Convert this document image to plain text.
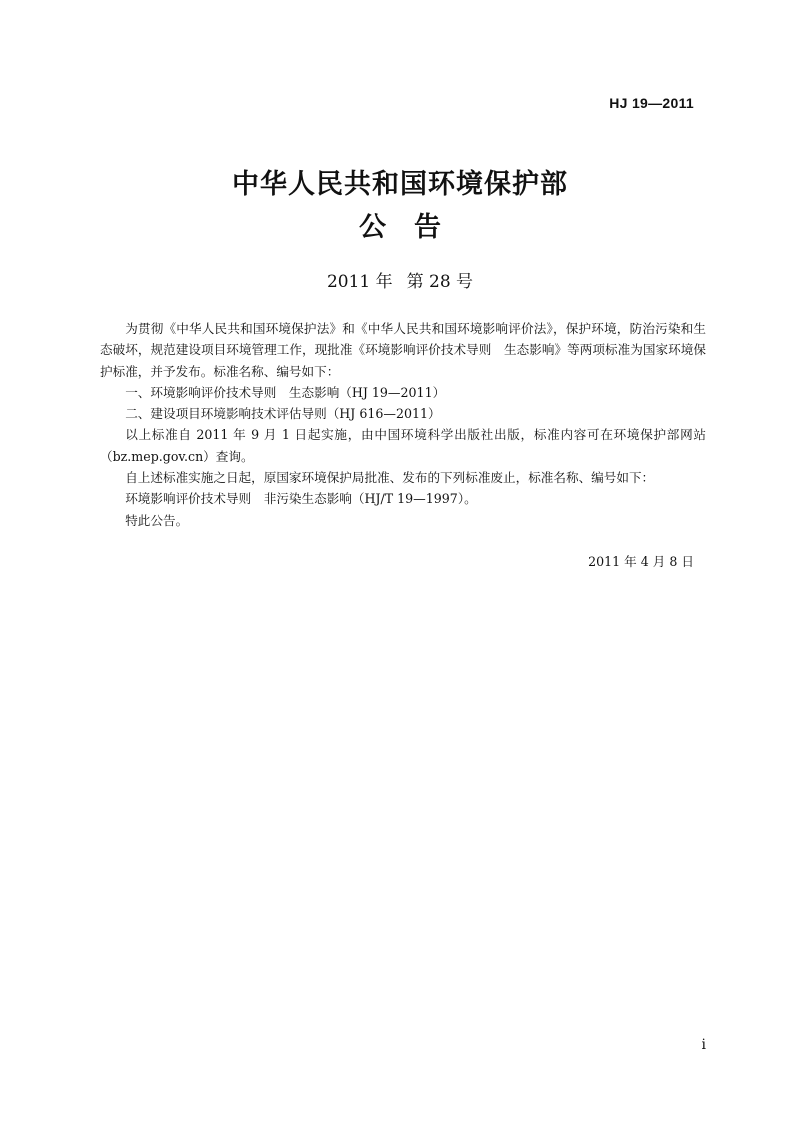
HJ 19—2011
中华人民共和国环境保护部
公告
2011 年 第 28 号

为贯彻《中华人民共和国环境保护法》和《中华人民共和国环境影响评价法》，保护环境，防治污染和生态破坏，规范建设项目环境管理工作，现批准《环境影响评价技术导则　生态影响》等两项标准为国家环境保护标准，并予发布。标准名称、编号如下：

一、环境影响评价技术导则　生态影响（HJ 19—2011）

二、建设项目环境影响技术评估导则（HJ 616—2011）

以上标准自 2011 年 9 月 1 日起实施，由中国环境科学出版社出版，标准内容可在环境保护部网站（bz.mep.gov.cn）查询。

自上述标准实施之日起，原国家环境保护局批准、发布的下列标准废止，标准名称、编号如下：

环境影响评价技术导则　非污染生态影响（HJ/T 19—1997）。

特此公告。

2011 年 4 月 8 日
i
